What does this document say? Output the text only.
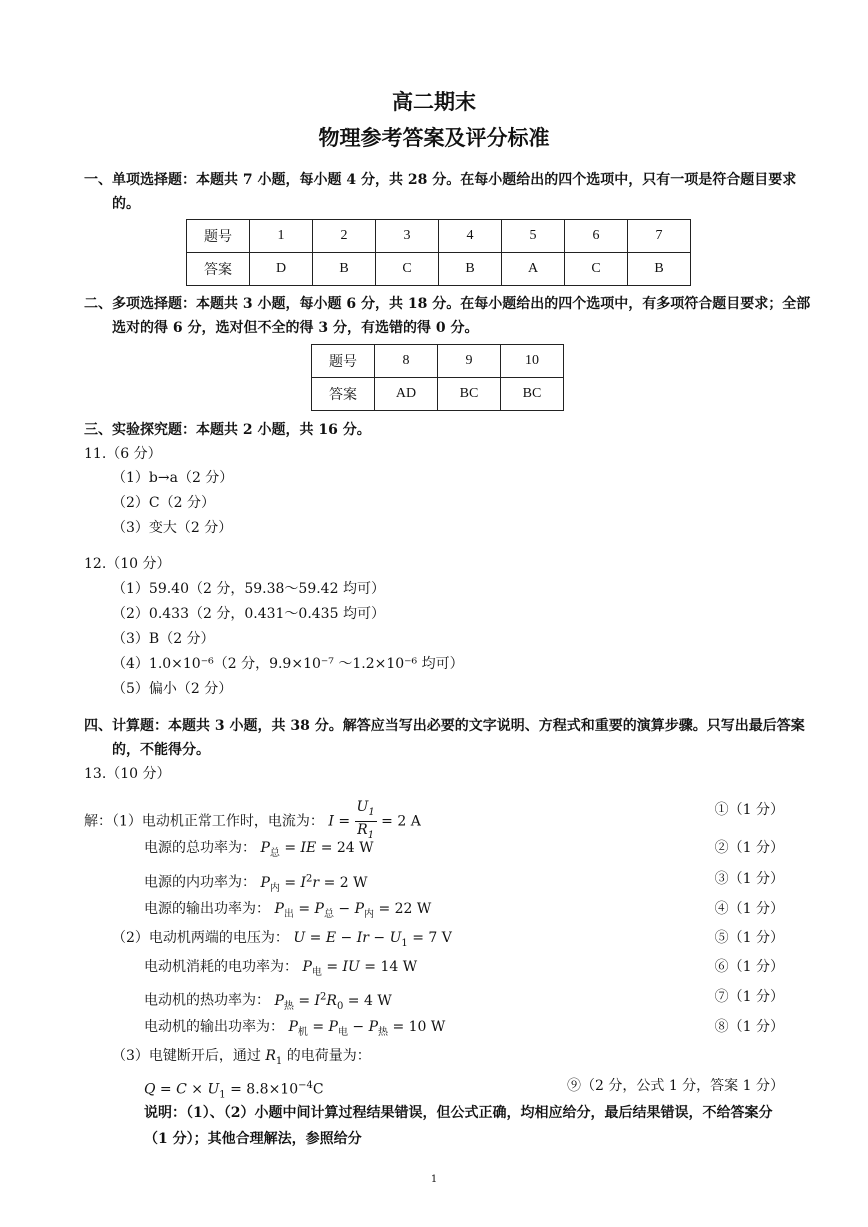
高二期末
物理参考答案及评分标准
一、单项选择题：本题共 7 小题，每小题 4 分，共 28 分。在每小题给出的四个选项中，只有一项是符合题目要求的。
题号	1	2	3	4	5	6	7
答案	D	B	C	B	A	C	B
二、多项选择题：本题共 3 小题，每小题 6 分，共 18 分。在每小题给出的四个选项中，有多项符合题目要求；全部选对的得 6 分，选对但不全的得 3 分，有选错的得 0 分。
题号	8	9	10
答案	AD	BC	BC
三、实验探究题：本题共 2 小题，共 16 分。
11.（6 分）
（1）b→a（2 分）
（2）C（2 分）
（3）变大（2 分）
12.（10 分）
（1）59.40（2 分，59.38～59.42 均可）
（2）0.433（2 分，0.431～0.435 均可）
（3）B（2 分）
（4）1.0×10⁻⁶（2 分，9.9×10⁻⁷ ～1.2×10⁻⁶ 均可）
（5）偏小（2 分）
四、计算题：本题共 3 小题，共 38 分。解答应当写出必要的文字说明、方程式和重要的演算步骤。只写出最后答案的，不能得分。
13.（10 分）
解：（1）电动机正常工作时，电流为： $I = \frac{U_1}{R_1} = 2$ A
①（1 分）
电源的总功率为： $P_总$ = IE = 24 W	②（1 分）
电源的内功率为： $P_内 = I^2r = 2$ W	③（1 分）
电源的输出功率为： $P_出 = P_总 - P_内 = 22$ W	④（1 分）
（2）电动机两端的电压为： $U = E - Ir - U_1 = 7$ V	⑤（1 分）
电动机消耗的电功率为： $P_电$ = IU = 14 W	⑥（1 分）
电动机的热功率为： $P_热 = I^2R_0 = 4$ W	⑦（1 分）
电动机的输出功率为： $P_机 = P_电 - P_热 = 10$ W	⑧（1 分）
（3）电键断开后，通过 $R_1$ 的电荷量为：
$Q = C \times U_1 = 8.8\times 10^{-4}C$	⑨（2 分，公式 1 分，答案 1 分）
说明：（1）、（2）小题中间计算过程结果错误，但公式正确，均相应给分，最后结果错误，不给答案分（1 分）；其他合理解法，参照给分
1
